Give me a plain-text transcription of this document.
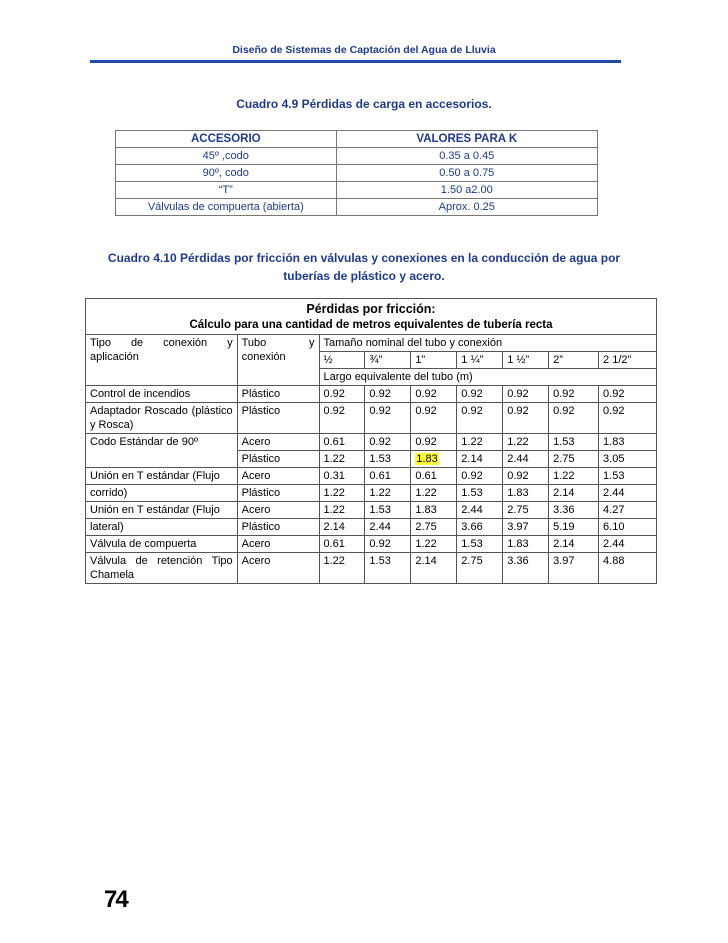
Diseño de Sistemas de Captación del Agua de Lluvia
Cuadro 4.9 Pérdidas de carga en accesorios.
ACCESORIO	VALORES PARA K
45º ,codo	0.35 a 0.45
90º, codo	0.50 a 0.75
“T”	1.50 a2.00
Válvulas de compuerta (abierta)	Aprox. 0.25
Cuadro 4.10 Pérdidas por fricción en válvulas y conexiones en la conducción de agua por
tuberías de plástico y acero.
Pérdidas por fricción:								
Cálculo para una cantidad de metros equivalentes de tubería recta								
Tipo de conexión y aplicación	Tubo y conexión	Tamaño nominal del tubo y conexión						
		½	¾”	1”	1 ¼”	1 ½”	2”	2 1/2”
		Largo equivalente del tubo (m)						
Control de incendios	Plástico	0.92	0.92	0.92	0.92	0.92	0.92	0.92
Adaptador Roscado (plástico y Rosca)	Plástico	0.92	0.92	0.92	0.92	0.92	0.92	0.92
Codo Estándar de 90º	Acero	0.61	0.92	0.92	1.22	1.22	1.53	1.83
	Plástico	1.22	1.53	1.83	2.14	2.44	2.75	3.05
Unión en T estándar (Flujo	Acero	0.31	0.61	0.61	0.92	0.92	1.22	1.53
corrido)	Plástico	1.22	1.22	1.22	1.53	1.83	2.14	2.44
Unión en T estándar (Flujo	Acero	1.22	1.53	1.83	2.44	2.75	3.36	4.27
lateral)	Plástico	2.14	2.44	2.75	3.66	3.97	5.19	6.10
Válvula de compuerta	Acero	0.61	0.92	1.22	1.53	1.83	2.14	2.44
Válvula de retención Tipo Chamela	Acero	1.22	1.53	2.14	2.75	3.36	3.97	4.88
74
